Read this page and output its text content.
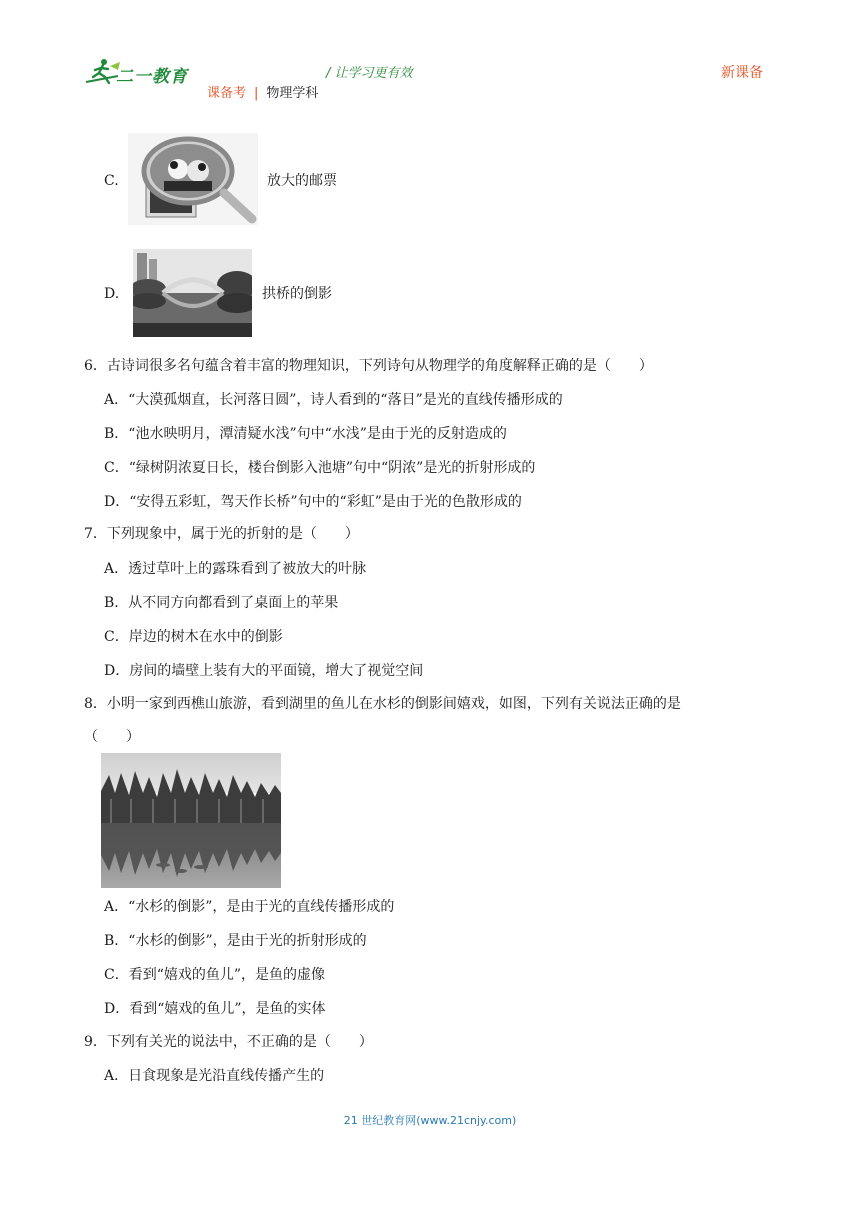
二一教育	/ 让学习更有效	新课备
课备考 | 物理学科
C.	放大的邮票
D.	拱桥的倒影
6．古诗词很多名句蕴含着丰富的物理知识，下列诗句从物理学的角度解释正确的是（　　）
A．“大漠孤烟直，长河落日圆”，诗人看到的“落日”是光的直线传播形成的
B．“池水映明月，潭清疑水浅”句中“水浅”是由于光的反射造成的
C．“绿树阴浓夏日长，楼台倒影入池塘”句中“阴浓”是光的折射形成的
D．“安得五彩虹，驾天作长桥”句中的“彩虹”是由于光的色散形成的
7．下列现象中，属于光的折射的是（　　）
A．透过草叶上的露珠看到了被放大的叶脉
B．从不同方向都看到了桌面上的苹果
C．岸边的树木在水中的倒影
D．房间的墙壁上装有大的平面镜，增大了视觉空间
8．小明一家到西樵山旅游，看到湖里的鱼儿在水杉的倒影间嬉戏，如图，下列有关说法正确的是
（　　）
A．“水杉的倒影”，是由于光的直线传播形成的
B．“水杉的倒影”，是由于光的折射形成的
C．看到“嬉戏的鱼儿”，是鱼的虚像
D．看到“嬉戏的鱼儿”，是鱼的实体
9．下列有关光的说法中，不正确的是（　　）
A．日食现象是光沿直线传播产生的
21 世纪教育网(www.21cnjy.com)
